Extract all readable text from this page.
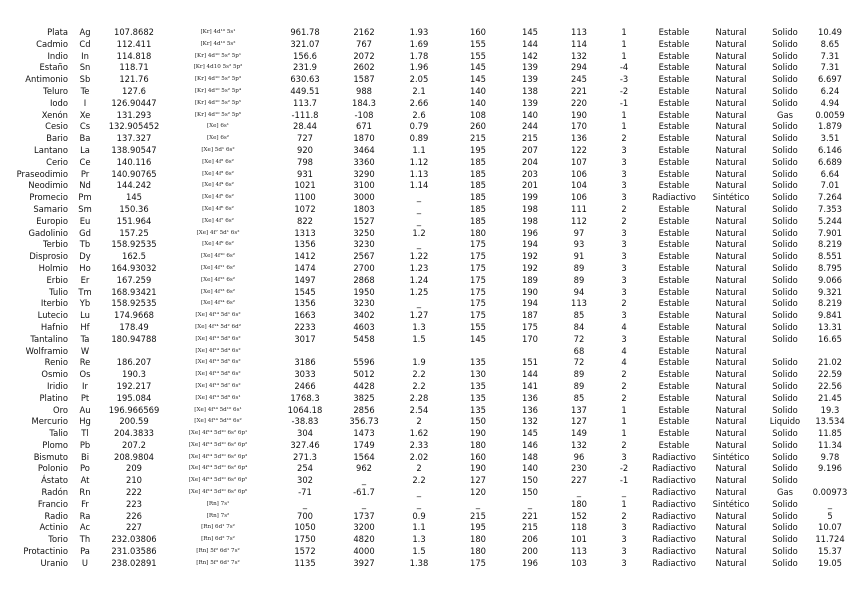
Plata	Ag	107.8682	[Kr] 4d¹⁰ 5s¹	961.78	2162	1.93	160	145	113	1	Estable	Natural	Solido	10.49
Cadmio	Cd	112.411	[Kr] 4d¹⁰ 5s²	321.07	767	1.69	155	144	114	1	Estable	Natural	Solido	8.65
Indio	In	114.818	[Kr] 4d¹⁰ 5s² 5p¹	156.6	2072	1.78	155	142	132	1	Estable	Natural	Solido	7.31
Estaño	Sn	118.71	[Kr] 4d10 5s² 5p²	231.9	2602	1.96	145	139	294	-4	Estable	Natural	Solido	7.31
Antimonio	Sb	121.76	[Kr] 4d¹⁰ 5s² 5p³	630.63	1587	2.05	145	139	245	-3	Estable	Natural	Solido	6.697
Teluro	Te	127.6	[Kr] 4d¹⁰ 5s² 5p⁴	449.51	988	2.1	140	138	221	-2	Estable	Natural	Solido	6.24
Iodo	I	126.90447	[Kr] 4d¹⁰ 5s² 5p⁵	113.7	184.3	2.66	140	139	220	-1	Estable	Natural	Solido	4.94
Xenón	Xe	131.293	[Kr] 4d¹⁰ 5s² 5p⁶	-111.8	-108	2.6	108	140	190	1	Estable	Natural	Gas	0.0059
Cesio	Cs	132.905452	[Xe] 6s¹	28.44	671	0.79	260	244	170	1	Estable	Natural	Solido	1.879
Bario	Ba	137.327	[Xe] 6s²	727	1870	0.89	215	215	136	2	Estable	Natural	Solido	3.51
Lantano	La	138.90547	[Xe] 5d¹ 6s²	920	3464	1.1	195	207	122	3	Estable	Natural	Solido	6.146
Cerio	Ce	140.116	[Xe] 4f² 6s²	798	3360	1.12	185	204	107	3	Estable	Natural	Solido	6.689
Praseodimio	Pr	140.90765	[Xe] 4f³ 6s²	931	3290	1.13	185	203	106	3	Estable	Natural	Solido	6.64
Neodimio	Nd	144.242	[Xe] 4f⁴ 6s²	1021	3100	1.14	185	201	104	3	Estable	Natural	Solido	7.01
Promecio	Pm	145	[Xe] 4f⁵ 6s²	1100	3000	_	185	199	106	3	Radiactivo	Sintético	Solido	7.264
Samario	Sm	150.36	[Xe] 4f⁶ 6s²	1072	1803	_	185	198	111	2	Estable	Natural	Solido	7.353
Europio	Eu	151.964	[Xe] 4f⁷ 6s²	822	1527	_	185	198	112	2	Estable	Natural	Solido	5.244
Gadolinio	Gd	157.25	[Xe] 4f⁷ 5d¹ 6s²	1313	3250	1.2	180	196	97	3	Estable	Natural	Solido	7.901
Terbio	Tb	158.92535	[Xe] 4f⁹ 6s²	1356	3230	_	175	194	93	3	Estable	Natural	Solido	8.219
Disprosio	Dy	162.5	[Xe] 4f¹⁰ 6s²	1412	2567	1.22	175	192	91	3	Estable	Natural	Solido	8.551
Holmio	Ho	164.93032	[Xe] 4f¹¹ 6s²	1474	2700	1.23	175	192	89	3	Estable	Natural	Solido	8.795
Erbio	Er	167.259	[Xe] 4f¹² 6s²	1497	2868	1.24	175	189	89	3	Estable	Natural	Solido	9.066
Tulio	Tm	168.93421	[Xe] 4f¹³ 6s²	1545	1950	1.25	175	190	94	3	Estable	Natural	Solido	9.321
Iterbio	Yb	158.92535	[Xe] 4f¹⁴ 6s²	1356	3230	_	175	194	113	2	Estable	Natural	Solido	8.219
Lutecio	Lu	174.9668	[Xe] 4f¹⁴ 5d¹ 6s²	1663	3402	1.27	175	187	85	3	Estable	Natural	Solido	9.841
Hafnio	Hf	178.49	[Xe] 4f¹⁴ 5d² 6d²	2233	4603	1.3	155	175	84	4	Estable	Natural	Solido	13.31
Tantalino	Ta	180.94788	[Xe] 4f¹⁴ 5d³ 6s²	3017	5458	1.5	145	170	72	3	Estable	Natural	Solido	16.65
Wolframio	W		[Xe] 4f¹⁴ 5d⁴ 6s²						68	4	Estable	Natural		
Renio	Re	186.207	[Xe] 4f¹⁴ 5d⁵ 6s²	3186	5596	1.9	135	151	72	4	Estable	Natural	Solido	21.02
Osmio	Os	190.3	[Xe] 4f¹⁴ 5d⁶ 6s²	3033	5012	2.2	130	144	89	2	Estable	Natural	Solido	22.59
Iridio	Ir	192.217	[Xe] 4f¹⁴ 5d⁷ 6s²	2466	4428	2.2	135	141	89	2	Estable	Natural	Solido	22.56
Platino	Pt	195.084	[Xe] 4f¹⁴ 5d⁹ 6s¹	1768.3	3825	2.28	135	136	85	2	Estable	Natural	Solido	21.45
Oro	Au	196.966569	[Xe] 4f¹⁴ 5d¹⁰ 6s¹	1064.18	2856	2.54	135	136	137	1	Estable	Natural	Solido	19.3
Mercurio	Hg	200.59	[Xe] 4f¹⁴ 5d¹⁰ 6s²	-38.83	356.73	2	150	132	127	1	Estable	Natural	Liquido	13.534
Talio	Tl	204.3833	[Xe] 4f¹⁴ 5d¹⁰ 6s² 6p¹	304	1473	1.62	190	145	149	1	Estable	Natural	Solido	11.85
Plomo	Pb	207.2	[Xe] 4f¹⁴ 5d¹⁰ 6s² 6p²	327.46	1749	2.33	180	146	132	2	Estable	Natural	Solido	11.34
Bismuto	Bi	208.9804	[Xe] 4f¹⁴ 5d¹⁰ 6s² 6p³	271.3	1564	2.02	160	148	96	3	Radiactivo	Sintético	Solido	9.78
Polonio	Po	209	[Xe] 4f¹⁴ 5d¹⁰ 6s² 6p⁴	254	962	2	190	140	230	-2	Radiactivo	Natural	Solido	9.196
Ástato	At	210	[Xe] 4f¹⁴ 5d¹⁰ 6s² 6p⁵	302	_	2.2	127	150	227	-1	Radiactivo	Natural	Solido	
Radón	Rn	222	[Xe] 4f¹⁴ 5d¹⁰ 6s² 6p⁶	-71	-61.7	_	120	150	_	_	Radiactivo	Natural	Gas	0.00973
Francio	Fr	223	[Rn] 7s¹	_	_	_	_	_	180	1	Radiactivo	Sintético	Solido	_
Radio	Ra	226	[Rn] 7s²	700	1737	0.9	215	221	152	2	Radiactivo	Natural	Solido	5
Actinio	Ac	227	[Rn] 6d¹ 7s²	1050	3200	1.1	195	215	118	3	Radiactivo	Natural	Solido	10.07
Torio	Th	232.03806	[Rn] 6d² 7s²	1750	4820	1.3	180	206	101	3	Radiactivo	Natural	Solido	11.724
Protactinio	Pa	231.03586	[Rn] 5f² 6d¹ 7s²	1572	4000	1.5	180	200	113	3	Radiactivo	Natural	Solido	15.37
Uranio	U	238.02891	[Rn] 5f³ 6d¹ 7s²	1135	3927	1.38	175	196	103	3	Radiactivo	Natural	Solido	19.05
